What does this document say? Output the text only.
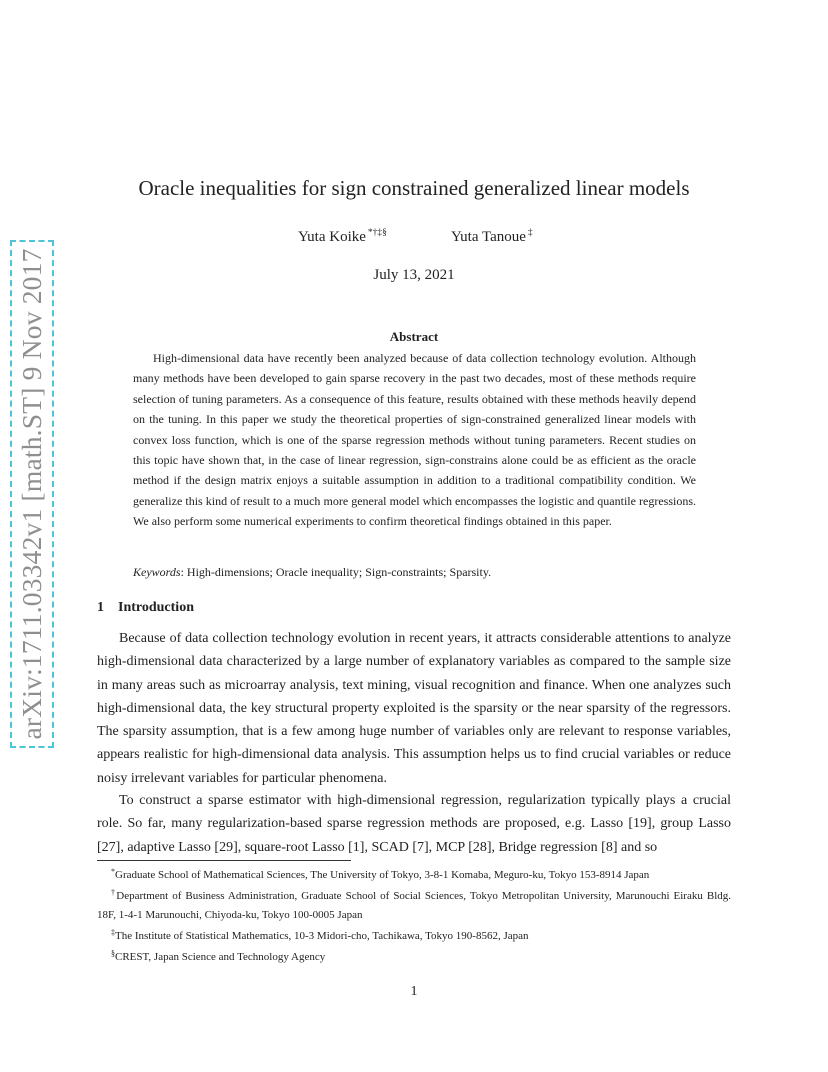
arXiv:1711.03342v1 [math.ST] 9 Nov 2017
Oracle inequalities for sign constrained generalized linear models
Yuta Koike *†‡§	Yuta Tanoue ‡
July 13, 2021
Abstract
High-dimensional data have recently been analyzed because of data collection technology evolution. Although many methods have been developed to gain sparse recovery in the past two decades, most of these methods require selection of tuning parameters. As a consequence of this feature, results obtained with these methods heavily depend on the tuning. In this paper we study the theoretical properties of sign-constrained generalized linear models with convex loss function, which is one of the sparse regression methods without tuning parameters. Recent studies on this topic have shown that, in the case of linear regression, sign-constrains alone could be as efficient as the oracle method if the design matrix enjoys a suitable assumption in addition to a traditional compatibility condition. We generalize this kind of result to a much more general model which encompasses the logistic and quantile regressions. We also perform some numerical experiments to confirm theoretical findings obtained in this paper.
Keywords: High-dimensions; Oracle inequality; Sign-constraints; Sparsity.
1 Introduction
Because of data collection technology evolution in recent years, it attracts considerable attentions to analyze high-dimensional data characterized by a large number of explanatory variables as compared to the sample size in many areas such as microarray analysis, text mining, visual recognition and finance. When one analyzes such high-dimensional data, the key structural property exploited is the sparsity or the near sparsity of the regressors. The sparsity assumption, that is a few among huge number of variables only are relevant to response variables, appears realistic for high-dimensional data analysis. This assumption helps us to find crucial variables or reduce noisy irrelevant variables for particular phenomena.
To construct a sparse estimator with high-dimensional regression, regularization typically plays a crucial role. So far, many regularization-based sparse regression methods are proposed, e.g. Lasso [19], group Lasso [27], adaptive Lasso [29], square-root Lasso [1], SCAD [7], MCP [28], Bridge regression [8] and so
*Graduate School of Mathematical Sciences, The University of Tokyo, 3-8-1 Komaba, Meguro-ku, Tokyo 153-8914 Japan
†Department of Business Administration, Graduate School of Social Sciences, Tokyo Metropolitan University, Marunouchi Eiraku Bldg. 18F, 1-4-1 Marunouchi, Chiyoda-ku, Tokyo 100-0005 Japan
‡The Institute of Statistical Mathematics, 10-3 Midori-cho, Tachikawa, Tokyo 190-8562, Japan
§CREST, Japan Science and Technology Agency
1
